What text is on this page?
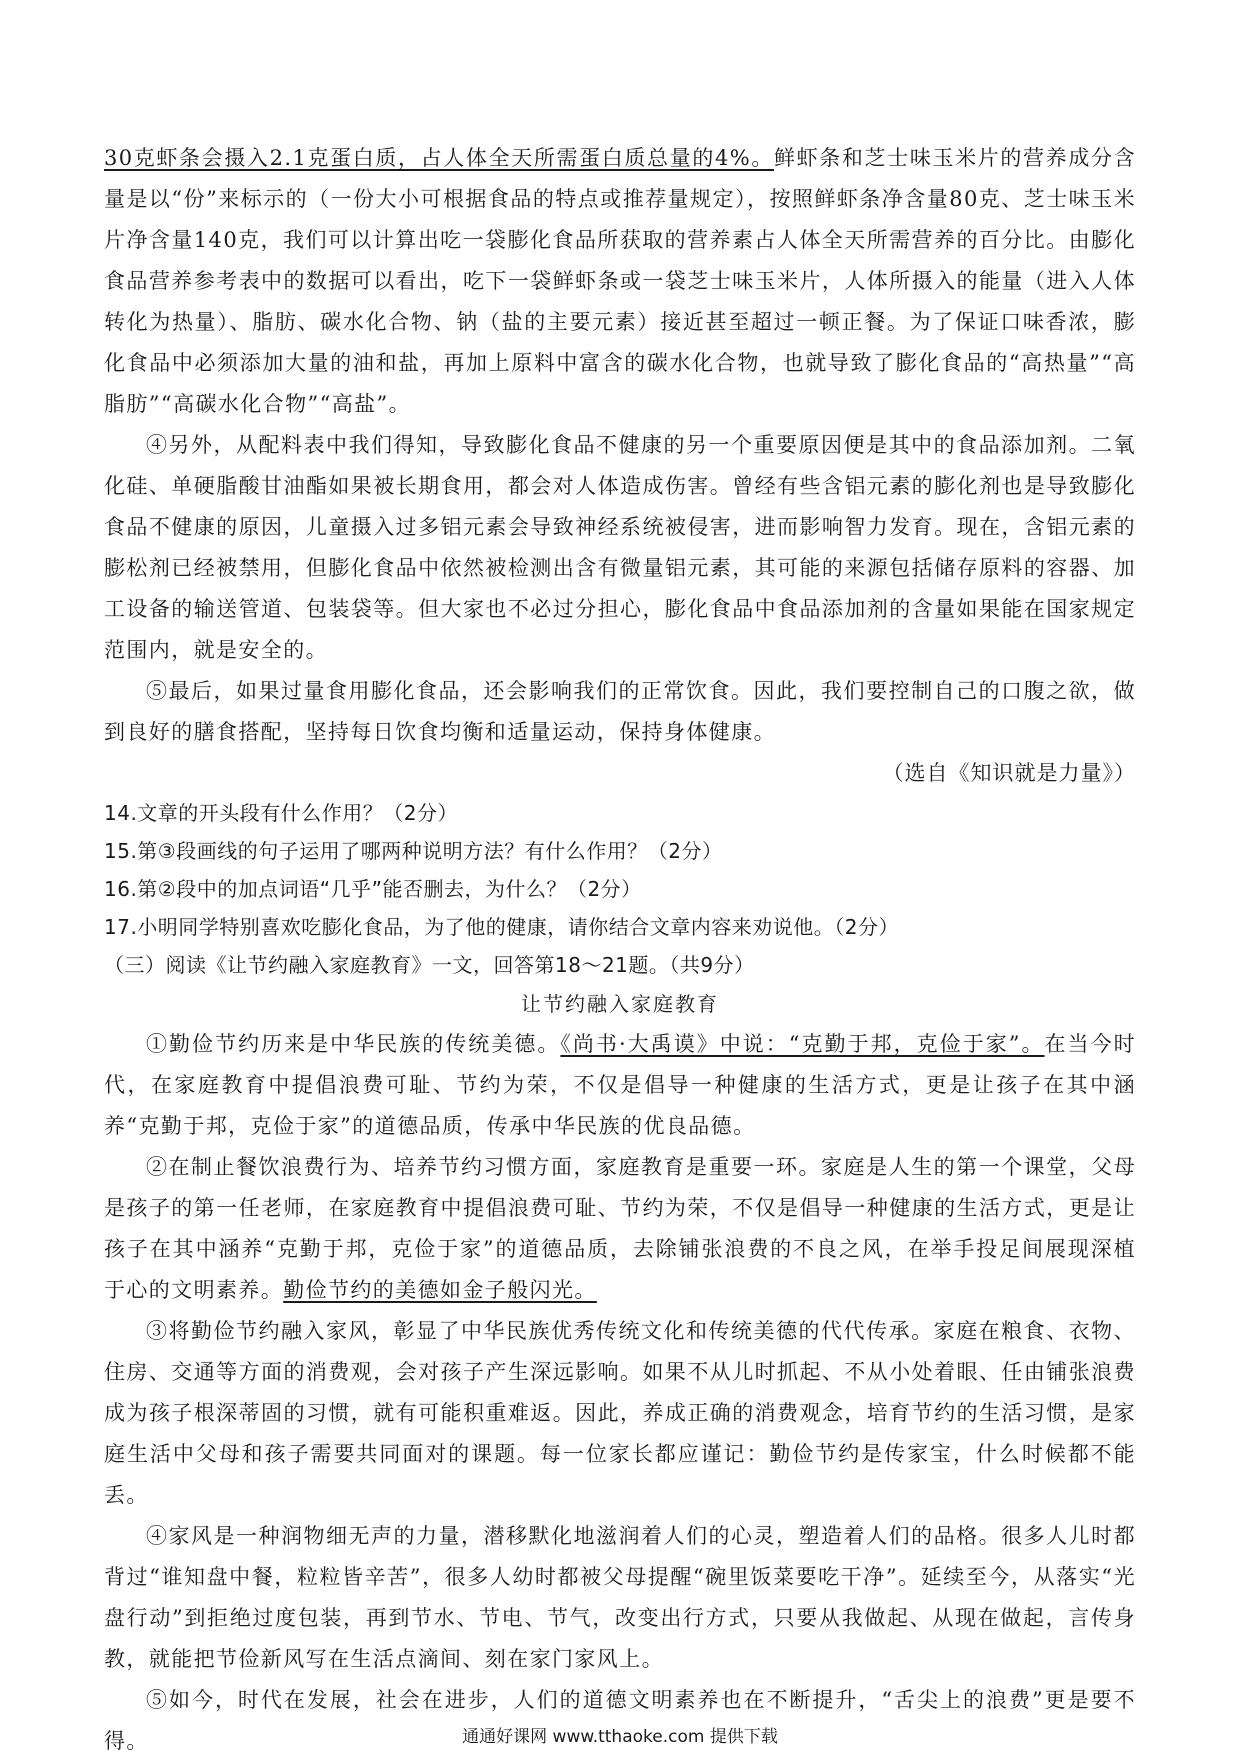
30克虾条会摄入2.1克蛋白质，占人体全天所需蛋白质总量的4%。鲜虾条和芝士味玉米片的营养成分含量是以“份”来标示的（一份大小可根据食品的特点或推荐量规定），按照鲜虾条净含量80克、芝士味玉米片净含量140克，我们可以计算出吃一袋膨化食品所获取的营养素占人体全天所需营养的百分比。由膨化食品营养参考表中的数据可以看出，吃下一袋鲜虾条或一袋芝士味玉米片，人体所摄入的能量（进入人体转化为热量）、脂肪、碳水化合物、钠（盐的主要元素）接近甚至超过一顿正餐。为了保证口味香浓，膨化食品中必须添加大量的油和盐，再加上原料中富含的碳水化合物，也就导致了膨化食品的“高热量”“高脂肪”“高碳水化合物”“高盐”。

④另外，从配料表中我们得知，导致膨化食品不健康的另一个重要原因便是其中的食品添加剂。二氧化硅、单硬脂酸甘油酯如果被长期食用，都会对人体造成伤害。曾经有些含铝元素的膨化剂也是导致膨化食品不健康的原因，儿童摄入过多铝元素会导致神经系统被侵害，进而影响智力发育。现在，含铝元素的膨松剂已经被禁用，但膨化食品中依然被检测出含有微量铝元素，其可能的来源包括储存原料的容器、加工设备的输送管道、包装袋等。但大家也不必过分担心，膨化食品中食品添加剂的含量如果能在国家规定范围内，就是安全的。

⑤最后，如果过量食用膨化食品，还会影响我们的正常饮食。因此，我们要控制自己的口腹之欲，做到良好的膳食搭配，坚持每日饮食均衡和适量运动，保持身体健康。

（选自《知识就是力量》）

14.文章的开头段有什么作用？（2分）

15.第③段画线的句子运用了哪两种说明方法？有什么作用？（2分）

16.第②段中的加点词语“几乎”能否删去，为什么？（2分）

17.小明同学特别喜欢吃膨化食品，为了他的健康，请你结合文章内容来劝说他。（2分）

（三）阅读《让节约融入家庭教育》一文，回答第18～21题。（共9分）

让节约融入家庭教育

①勤俭节约历来是中华民族的传统美德。《尚书·大禹谟》中说：“克勤于邦，克俭于家”。在当今时代，在家庭教育中提倡浪费可耻、节约为荣，不仅是倡导一种健康的生活方式，更是让孩子在其中涵养“克勤于邦，克俭于家”的道德品质，传承中华民族的优良品德。

②在制止餐饮浪费行为、培养节约习惯方面，家庭教育是重要一环。家庭是人生的第一个课堂，父母是孩子的第一任老师，在家庭教育中提倡浪费可耻、节约为荣，不仅是倡导一种健康的生活方式，更是让孩子在其中涵养“克勤于邦，克俭于家”的道德品质，去除铺张浪费的不良之风，在举手投足间展现深植于心的文明素养。勤俭节约的美德如金子般闪光。

③将勤俭节约融入家风，彰显了中华民族优秀传统文化和传统美德的代代传承。家庭在粮食、衣物、住房、交通等方面的消费观，会对孩子产生深远影响。如果不从儿时抓起、不从小处着眼、任由铺张浪费成为孩子根深蒂固的习惯，就有可能积重难返。因此，养成正确的消费观念，培育节约的生活习惯，是家庭生活中父母和孩子需要共同面对的课题。每一位家长都应谨记：勤俭节约是传家宝，什么时候都不能丢。

④家风是一种润物细无声的力量，潜移默化地滋润着人们的心灵，塑造着人们的品格。很多人儿时都背过“谁知盘中餐，粒粒皆辛苦”，很多人幼时都被父母提醒“碗里饭菜要吃干净”。延续至今，从落实“光盘行动”到拒绝过度包装，再到节水、节电、节气，改变出行方式，只要从我做起、从现在做起，言传身教，就能把节俭新风写在生活点滴间、刻在家门家风上。

⑤如今，时代在发展，社会在进步，人们的道德文明素养也在不断提升，“舌尖上的浪费”更是要不得。	通通好课网 www.tthaoke.com 提供下载
